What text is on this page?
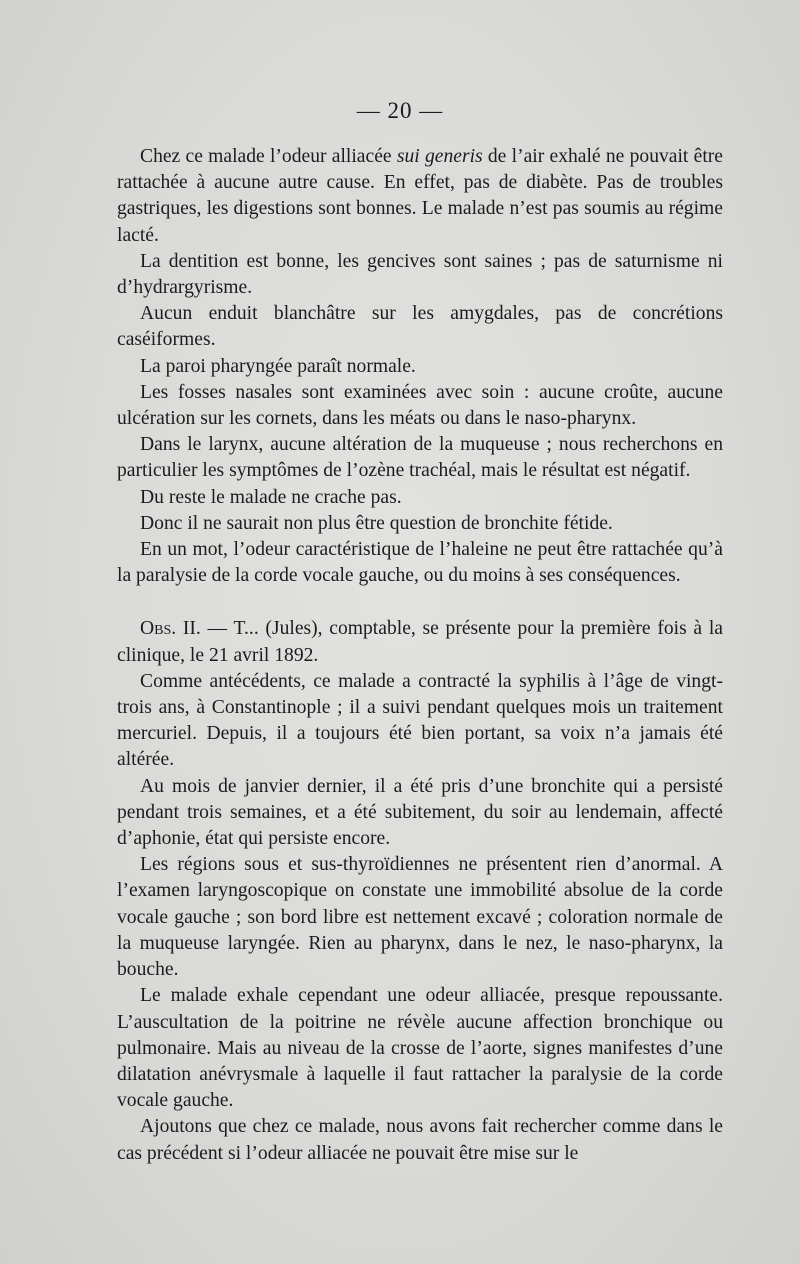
— 20 —

Chez ce malade l’odeur alliacée sui generis de l’air exhalé ne pouvait être rattachée à aucune autre cause. En effet, pas de diabète. Pas de troubles gastriques, les digestions sont bonnes. Le malade n’est pas soumis au régime lacté.

La dentition est bonne, les gencives sont saines ; pas de saturnisme ni d’hydrargyrisme.

Aucun enduit blanchâtre sur les amygdales, pas de concrétions caséiformes.

La paroi pharyngée paraît normale.

Les fosses nasales sont examinées avec soin : aucune croûte, aucune ulcération sur les cornets, dans les méats ou dans le naso-pharynx.

Dans le larynx, aucune altération de la muqueuse ; nous recherchons en particulier les symptômes de l’ozène trachéal, mais le résultat est négatif.

Du reste le malade ne crache pas.

Donc il ne saurait non plus être question de bronchite fétide.

En un mot, l’odeur caractéristique de l’haleine ne peut être rattachée qu’à la paralysie de la corde vocale gauche, ou du moins à ses conséquences.

Obs. II. — T... (Jules), comptable, se présente pour la première fois à la clinique, le 21 avril 1892.

Comme antécédents, ce malade a contracté la syphilis à l’âge de vingt-trois ans, à Constantinople ; il a suivi pendant quelques mois un traitement mercuriel. Depuis, il a toujours été bien portant, sa voix n’a jamais été altérée.

Au mois de janvier dernier, il a été pris d’une bronchite qui a persisté pendant trois semaines, et a été subitement, du soir au lendemain, affecté d’aphonie, état qui persiste encore.

Les régions sous et sus-thyroïdiennes ne présentent rien d’anormal. A l’examen laryngoscopique on constate une immobilité absolue de la corde vocale gauche ; son bord libre est nettement excavé ; coloration normale de la muqueuse laryngée. Rien au pharynx, dans le nez, le naso-pharynx, la bouche.

Le malade exhale cependant une odeur alliacée, presque repoussante. L’auscultation de la poitrine ne révèle aucune affection bronchique ou pulmonaire. Mais au niveau de la crosse de l’aorte, signes manifestes d’une dilatation anévrysmale à laquelle il faut rattacher la paralysie de la corde vocale gauche.

Ajoutons que chez ce malade, nous avons fait rechercher comme dans le cas précédent si l’odeur alliacée ne pouvait être mise sur le
